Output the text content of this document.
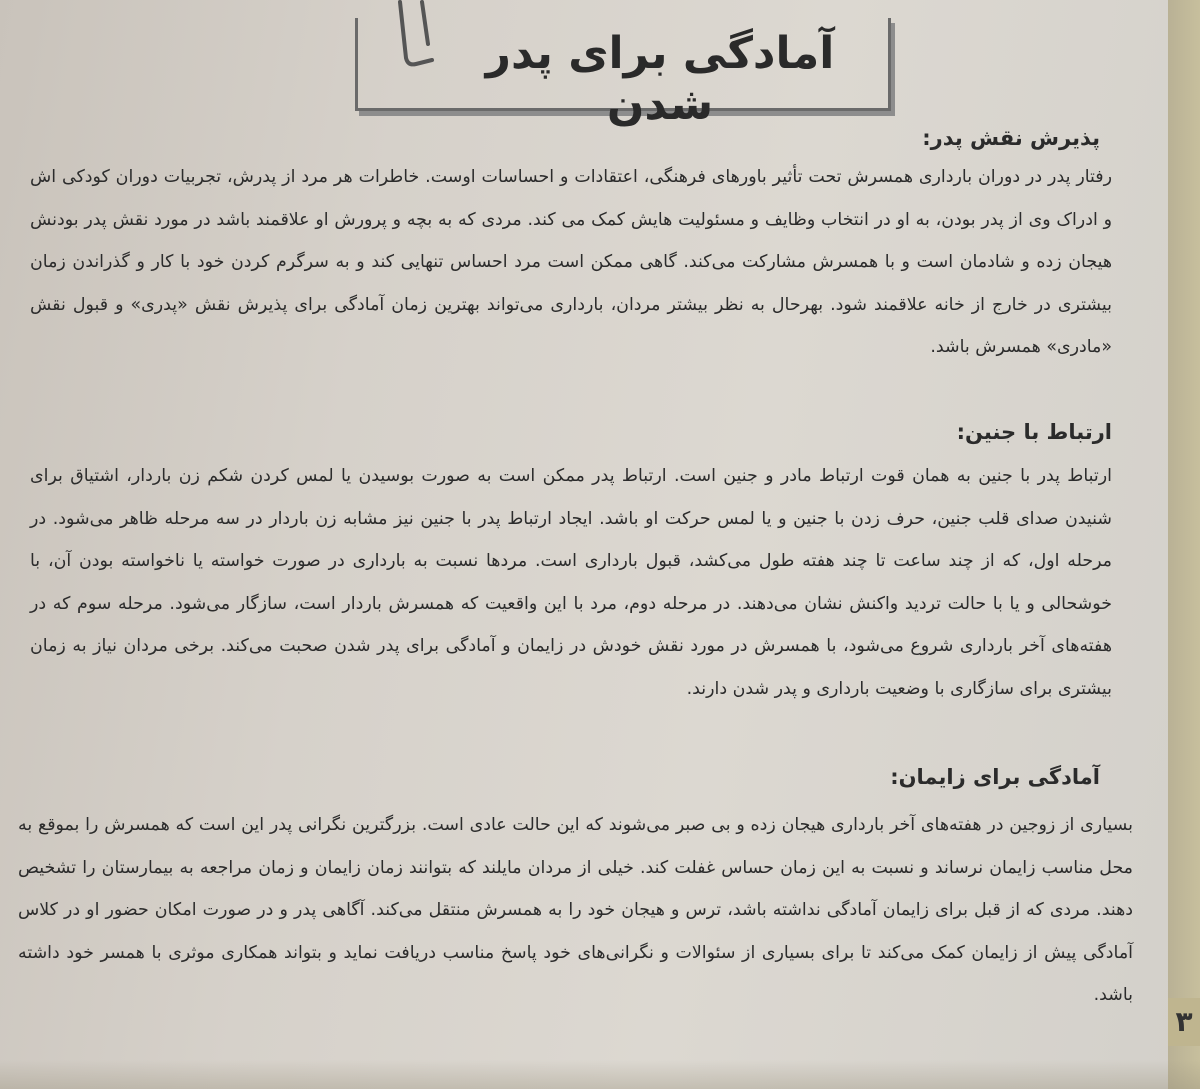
آمادگی برای پدر شدن
پذیرش نقش پدر:
رفتار پدر در دوران بارداری همسرش تحت تأثیر باورهای فرهنگی، اعتقادات و احساسات اوست. خاطرات هر مرد از پدرش، تجربیات دوران کودکی اش و ادراک وی از پدر بودن، به او در انتخاب وظایف و مسئولیت هایش کمک می کند. مردی که به بچه و پرورش او علاقمند باشد در مورد نقش پدر بودنش هیجان زده و شادمان است و با همسرش مشارکت می‌کند. گاهی ممکن است مرد احساس تنهایی کند و به سرگرم کردن خود با کار و گذراندن زمان بیشتری در خارج از خانه علاقمند شود. بهرحال به نظر بیشتر مردان، بارداری می‌تواند بهترین زمان آمادگی برای پذیرش نقش «پدری» و قبول نقش «مادری» همسرش باشد.
ارتباط با جنین:
ارتباط پدر با جنین به همان قوت ارتباط مادر و جنین است. ارتباط پدر ممکن است به صورت بوسیدن یا لمس کردن شکم زن باردار، اشتیاق برای شنیدن صدای قلب جنین، حرف زدن با جنین و یا لمس حرکت او باشد. ایجاد ارتباط پدر با جنین نیز مشابه زن باردار در سه مرحله ظاهر می‌شود. در مرحله اول، که از چند ساعت تا چند هفته طول می‌کشد، قبول بارداری است. مردها نسبت به بارداری در صورت خواسته یا ناخواسته بودن آن، با خوشحالی و یا با حالت تردید واکنش نشان می‌دهند. در مرحله دوم، مرد با این واقعیت که همسرش باردار است، سازگار می‌شود. مرحله سوم که در هفته‌های آخر بارداری شروع می‌شود، با همسرش در مورد نقش خودش در زایمان و آمادگی برای پدر شدن صحبت می‌کند. برخی مردان نیاز به زمان بیشتری برای سازگاری با وضعیت بارداری و پدر شدن دارند.
آمادگی برای زایمان:
بسیاری از زوجین در هفته‌های آخر بارداری هیجان زده و بی صبر می‌شوند که این حالت عادی است. بزرگترین نگرانی پدر این است که همسرش را بموقع به محل مناسب زایمان نرساند و نسبت به این زمان حساس غفلت کند. خیلی از مردان مایلند که بتوانند زمان زایمان و زمان مراجعه به بیمارستان را تشخیص دهند. مردی که از قبل برای زایمان آمادگی نداشته باشد، ترس و هیجان خود را به همسرش منتقل می‌کند. آگاهی پدر و در صورت امکان حضور او در کلاس آمادگی پیش از زایمان کمک می‌کند تا برای بسیاری از سئوالات و نگرانی‌های خود پاسخ مناسب دریافت نماید و بتواند همکاری موثری با همسر خود داشته باشد.
۳
